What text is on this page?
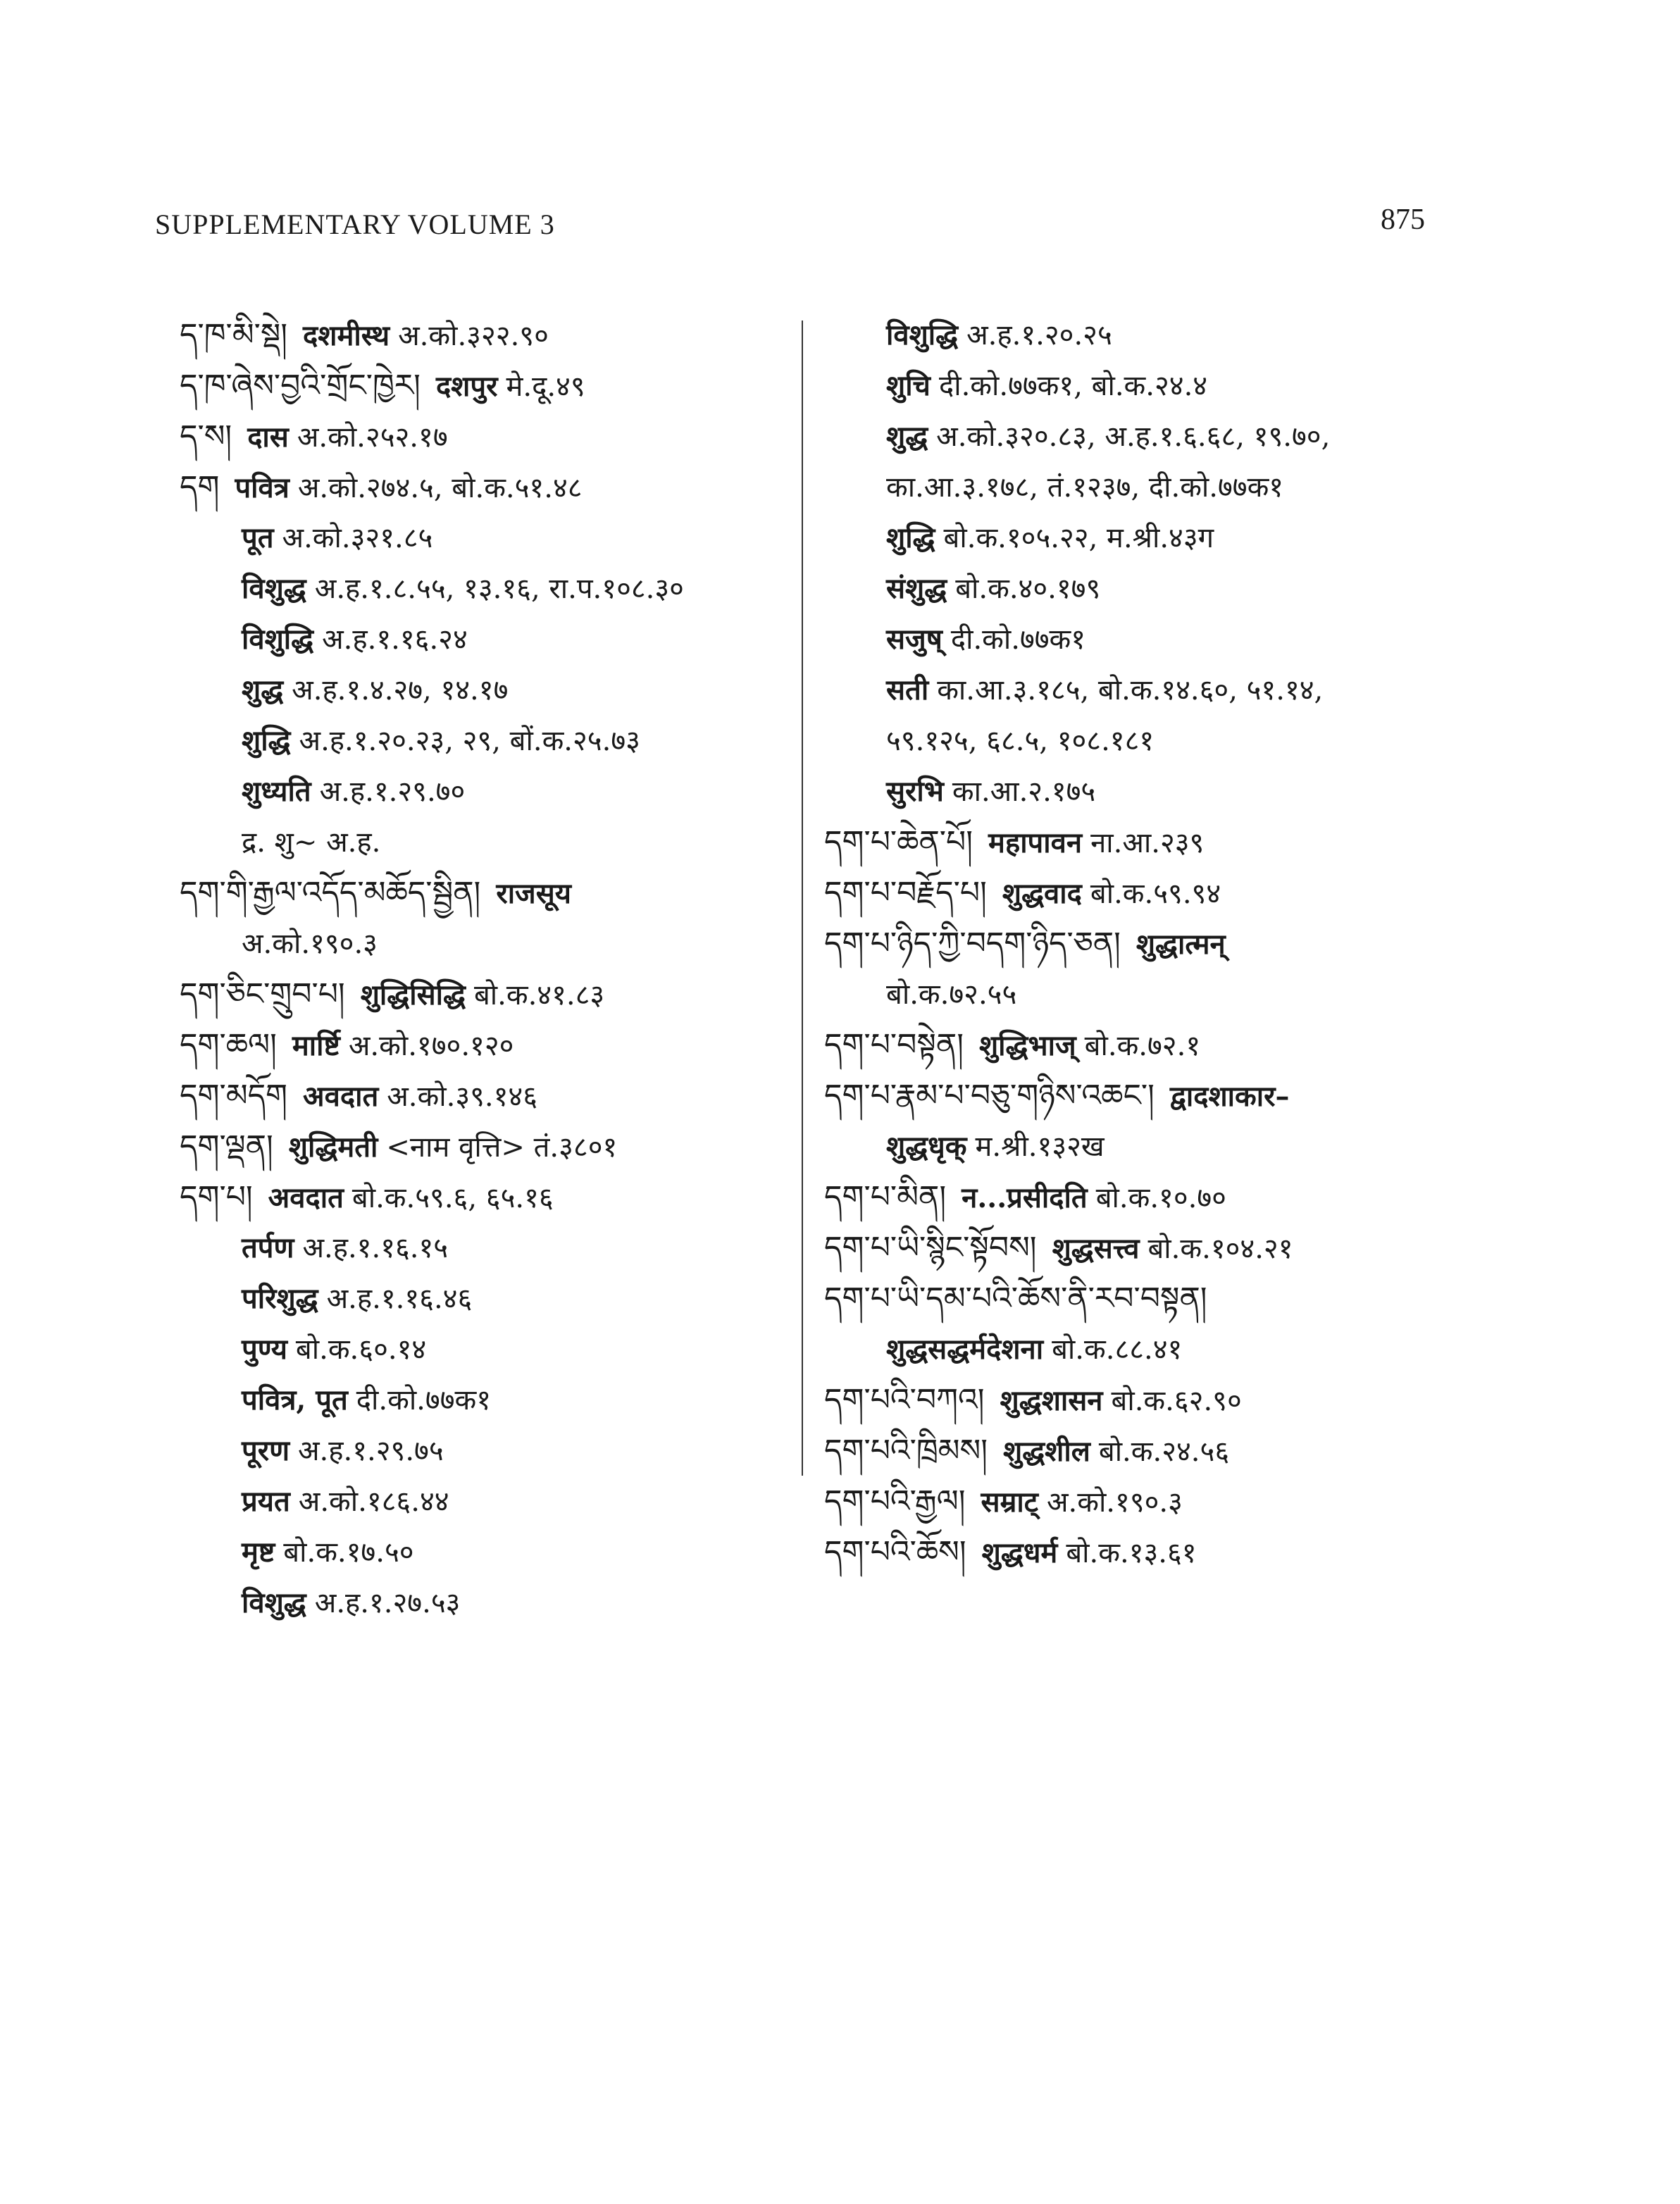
SUPPLEMENTARY VOLUME 3	875
ད་ཁ་མི་སྡེ། दशमीस्थ अ.को.३२२.९०
ད་ཁ་ཞེས་བྱའི་གྲོང་ཁྱེར། दशपुर मे.दू.४९
ད་ས། दास अ.को.२५२.१७
དག पवित्र अ.को.२७४.५, बो.क.५१.४८
पूत अ.को.३२१.८५
विशुद्ध अ.ह.१.८.५५, १३.१६, रा.प.१०८.३०
विशुद्धि अ.ह.१.१६.२४
शुद्ध अ.ह.१.४.२७, १४.१७
शुद्धि अ.ह.१.२०.२३, २९, बों.क.२५.७३
शुध्यति अ.ह.१.२९.७०
द्र. शु~ अ.ह.
དག་གི་རྒྱལ་འདོད་མཆོད་སྦྱིན། राजसूय
अ.को.१९०.३
དག་ཅིང་གྲུབ་པ། शुद्धिसिद्धि बो.क.४१.८३
དག་ཆལ། मार्ष्टि अ.को.१७०.१२०
དག་མདོག अवदात अ.को.३९.१४६
དག་ལྡན། शुद्धिमती <नाम वृत्ति> तं.३८०१
དག་པ། अवदात बो.क.५९.६, ६५.१६
तर्पण अ.ह.१.१६.१५
परिशुद्ध अ.ह.१.१६.४६
पुण्य बो.क.६०.१४
पवित्र, पूत दी.को.७७क१
पूरण अ.ह.१.२९.७५
प्रयत अ.को.१८६.४४
मृष्ट बो.क.१७.५०
विशुद्ध अ.ह.१.२७.५३
विशुद्धि अ.ह.१.२०.२५
शुचि दी.को.७७क१, बो.क.२४.४
शुद्ध अ.को.३२०.८३, अ.ह.१.६.६८, १९.७०,
का.आ.३.१७८, तं.१२३७, दी.को.७७क१
शुद्धि बो.क.१०५.२२, म.श्री.४३ग
संशुद्ध बो.क.४०.१७९
सजुष् दी.को.७७क१
सती का.आ.३.१८५, बो.क.१४.६०, ५१.१४,
५९.१२५, ६८.५, १०८.१८१
सुरभि का.आ.२.१७५
དག་པ་ཆེན་པོ། महापावन ना.आ.२३९
དག་པ་བརྗོད་པ། शुद्धवाद बो.क.५९.९४
དག་པ་ཉིད་ཀྱི་བདག་ཉིད་ཅན། शुद्धात्मन्
बो.क.७२.५५
དག་པ་བསྟེན། शुद्धिभाज् बो.क.७२.१
དག་པ་རྣམ་པ་བཅུ་གཉིས་འཆང་། द्वादशाकार–
शुद्धधृक् म.श्री.१३२ख
དག་པ་མིན། न...प्रसीदति बो.क.१०.७०
དག་པ་ཡི་སྙིང་སྟོབས། शुद्धसत्त्व बो.क.१०४.२१
དག་པ་ཡི་དམ་པའི་ཆོས་ནི་རབ་བསྟན།
शुद्धसद्धर्मदेशना बो.क.८८.४१
དག་པའི་བཀའ། शुद्धशासन बो.क.६२.९०
དག་པའི་ཁྲིམས། शुद्धशील बो.क.२४.५६
དག་པའི་རྒྱལ། सम्राट् अ.को.१९०.३
དག་པའི་ཆོས། शुद्धधर्म बो.क.१३.६१
